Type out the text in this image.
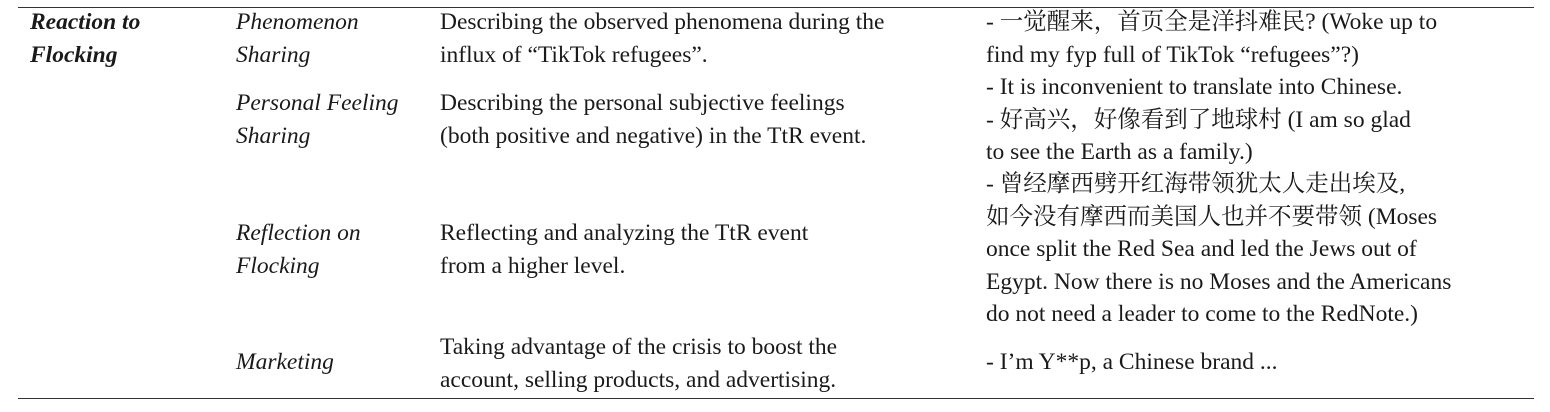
Reaction to
Flocking
Phenomenon
Sharing
Describing the observed phenomena during the
influx of “TikTok refugees”.
- 一觉醒来，首页全是洋抖难民? (Woke up to
find my fyp full of TikTok “refugees”?)
Personal Feeling
Sharing
Describing the personal subjective feelings
(both positive and negative) in the TtR event.
- It is inconvenient to translate into Chinese.
- 好高兴，好像看到了地球村 (I am so glad
to see the Earth as a family.)
Reflection on
Flocking
Reflecting and analyzing the TtR event
from a higher level.
- 曾经摩西劈开红海带领犹太人走出埃及,
如今没有摩西而美国人也并不要带领 (Moses
once split the Red Sea and led the Jews out of
Egypt. Now there is no Moses and the Americans
do not need a leader to come to the RedNote.)
Marketing
Taking advantage of the crisis to boost the
account, selling products, and advertising.
- I’m Y**p, a Chinese brand ...
